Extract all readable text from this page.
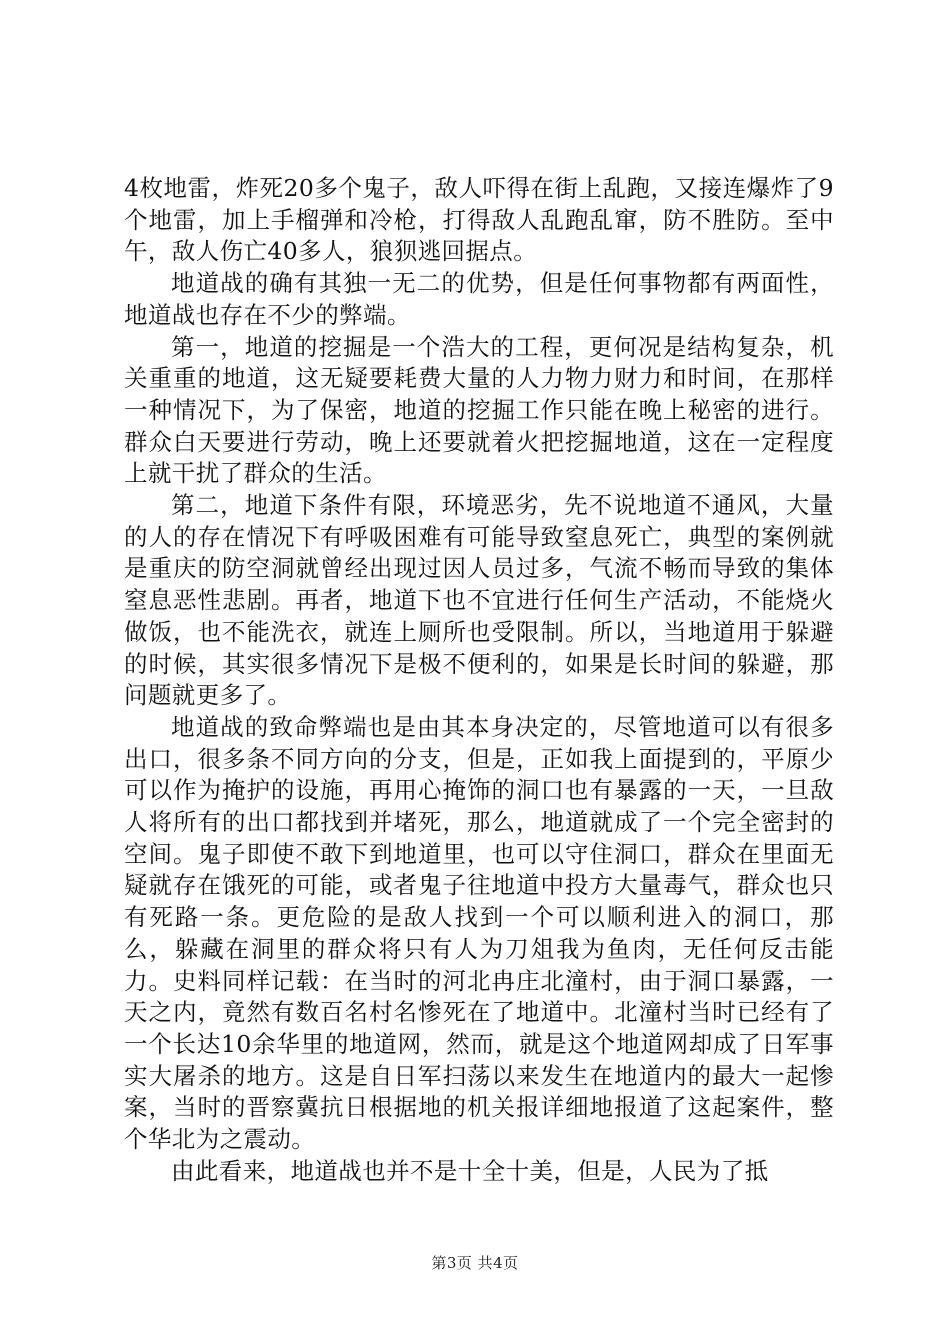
4枚地雷，炸死20多个鬼子，敌人吓得在街上乱跑，又接连爆炸了9个地雷，加上手榴弹和冷枪，打得敌人乱跑乱窜，防不胜防。至中午，敌人伤亡40多人，狼狈逃回据点。

地道战的确有其独一无二的优势，但是任何事物都有两面性，地道战也存在不少的弊端。

第一，地道的挖掘是一个浩大的工程，更何况是结构复杂，机关重重的地道，这无疑要耗费大量的人力物力财力和时间，在那样一种情况下，为了保密，地道的挖掘工作只能在晚上秘密的进行。群众白天要进行劳动，晚上还要就着火把挖掘地道，这在一定程度上就干扰了群众的生活。

第二，地道下条件有限，环境恶劣，先不说地道不通风，大量的人的存在情况下有呼吸困难有可能导致窒息死亡，典型的案例就是重庆的防空洞就曾经出现过因人员过多，气流不畅而导致的集体窒息恶性悲剧。再者，地道下也不宜进行任何生产活动，不能烧火做饭，也不能洗衣，就连上厕所也受限制。所以，当地道用于躲避的时候，其实很多情况下是极不便利的，如果是长时间的躲避，那问题就更多了。

地道战的致命弊端也是由其本身决定的，尽管地道可以有很多出口，很多条不同方向的分支，但是，正如我上面提到的，平原少可以作为掩护的设施，再用心掩饰的洞口也有暴露的一天，一旦敌人将所有的出口都找到并堵死，那么，地道就成了一个完全密封的空间。鬼子即使不敢下到地道里，也可以守住洞口，群众在里面无疑就存在饿死的可能，或者鬼子往地道中投方大量毒气，群众也只有死路一条。更危险的是敌人找到一个可以顺利进入的洞口，那么，躲藏在洞里的群众将只有人为刀俎我为鱼肉，无任何反击能力。史料同样记载：在当时的河北冉庄北潼村，由于洞口暴露，一天之内，竟然有数百名村名惨死在了地道中。北潼村当时已经有了一个长达10余华里的地道网，然而，就是这个地道网却成了日军事实大屠杀的地方。这是自日军扫荡以来发生在地道内的最大一起惨案，当时的晋察冀抗日根据地的机关报详细地报道了这起案件，整个华北为之震动。

由此看来，地道战也并不是十全十美，但是，人民为了抵

第3页 共4页
